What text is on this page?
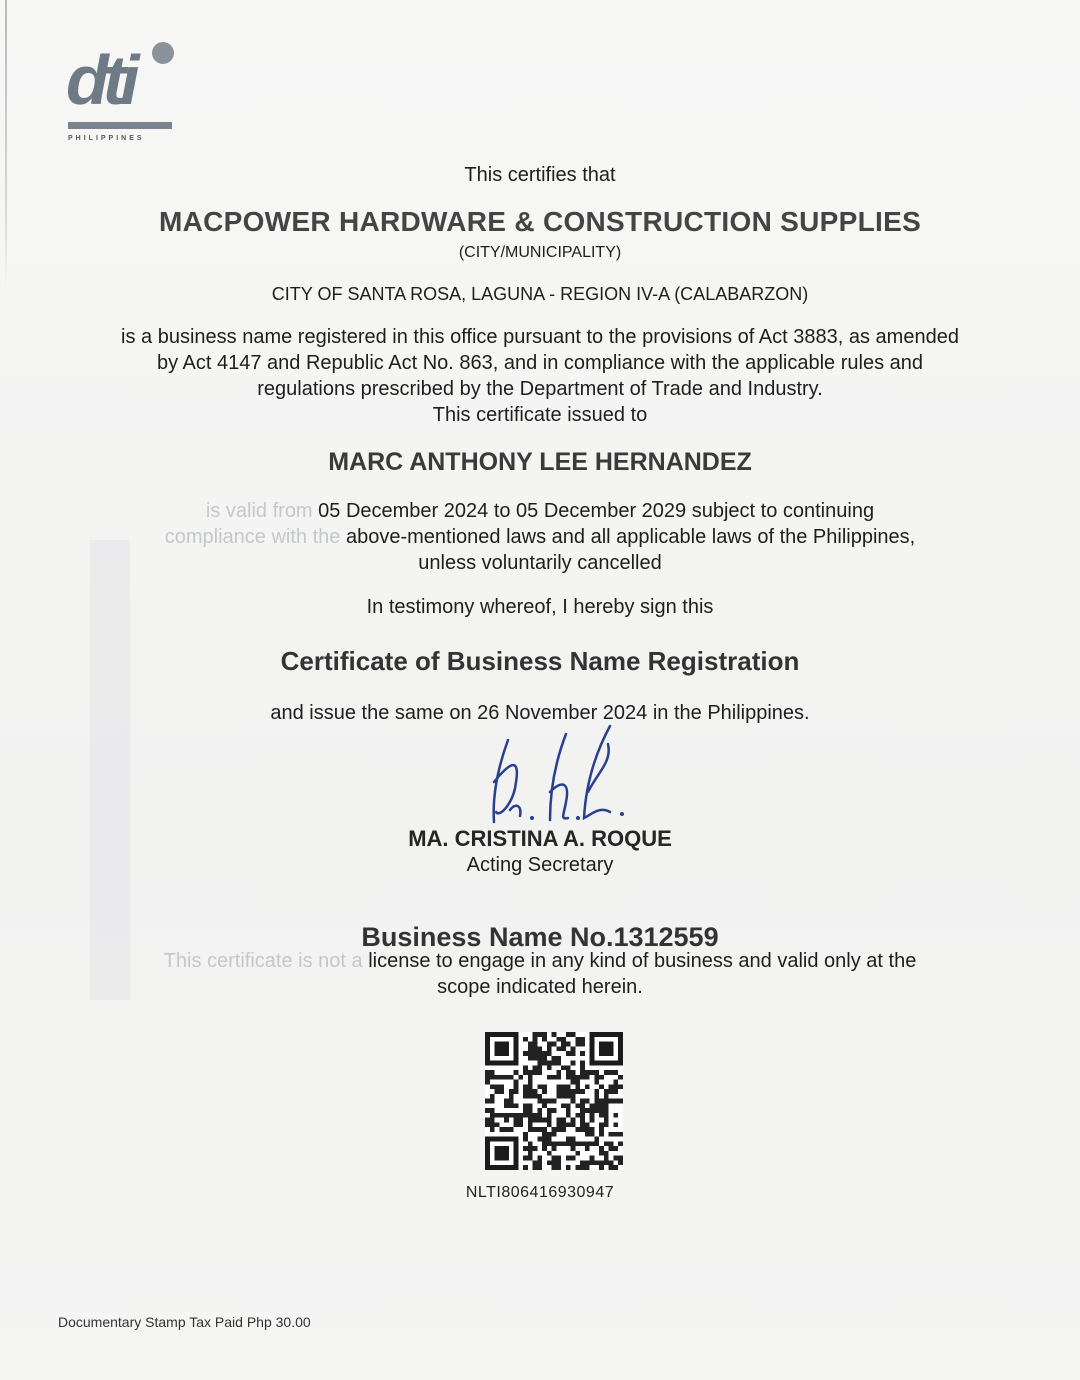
dti
PHILIPPINES
This certifies that
MACPOWER HARDWARE & CONSTRUCTION SUPPLIES
(CITY/MUNICIPALITY)
CITY OF SANTA ROSA, LAGUNA - REGION IV-A (CALABARZON)
is a business name registered in this office pursuant to the provisions of Act 3883, as amended
by Act 4147 and Republic Act No. 863, and in compliance with the applicable rules and
regulations prescribed by the Department of Trade and Industry.
This certificate issued to
MARC ANTHONY LEE HERNANDEZ
is valid from 05 December 2024 to 05 December 2029 subject to continuing
compliance with the above-mentioned laws and all applicable laws of the Philippines,
unless voluntarily cancelled
In testimony whereof, I hereby sign this
Certificate of Business Name Registration
and issue the same on 26 November 2024 in the Philippines.
MA. CRISTINA A. ROQUE
Acting Secretary
Business Name No.1312559
This certificate is not a license to engage in any kind of business and valid only at the
scope indicated herein.
NLTI806416930947
Documentary Stamp Tax Paid Php 30.00
